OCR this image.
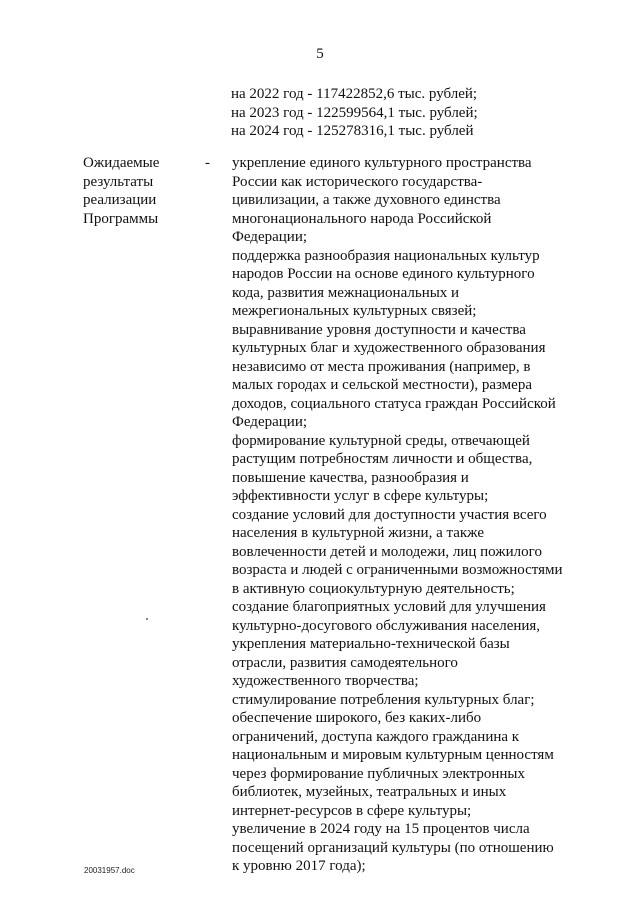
5
на 2022 год - 117422852,6 тыс. рублей;
на 2023 год - 122599564,1 тыс. рублей;
на 2024 год - 125278316,1 тыс. рублей
Ожидаемые
результаты
реализации
Программы
- укрепление единого культурного пространства
России как исторического государства-
цивилизации, а также духовного единства
многонационального народа Российской
Федерации;
поддержка разнообразия национальных культур
народов России на основе единого культурного
кода, развития межнациональных и
межрегиональных культурных связей;
выравнивание уровня доступности и качества
культурных благ и художественного образования
независимо от места проживания (например, в
малых городах и сельской местности), размера
доходов, социального статуса граждан Российской
Федерации;
формирование культурной среды, отвечающей
растущим потребностям личности и общества,
повышение качества, разнообразия и
эффективности услуг в сфере культуры;
создание условий для доступности участия всего
населения в культурной жизни, а также
вовлеченности детей и молодежи, лиц пожилого
возраста и людей с ограниченными возможностями
в активную социокультурную деятельность;
создание благоприятных условий для улучшения
культурно-досугового обслуживания населения,
укрепления материально-технической базы
отрасли, развития самодеятельного
художественного творчества;
стимулирование потребления культурных благ;
обеспечение широкого, без каких-либо
ограничений, доступа каждого гражданина к
национальным и мировым культурным ценностям
через формирование публичных электронных
библиотек, музейных, театральных и иных
интернет-ресурсов в сфере культуры;
увеличение в 2024 году на 15 процентов числа
посещений организаций культуры (по отношению
к уровню 2017 года);
20031957.doc
